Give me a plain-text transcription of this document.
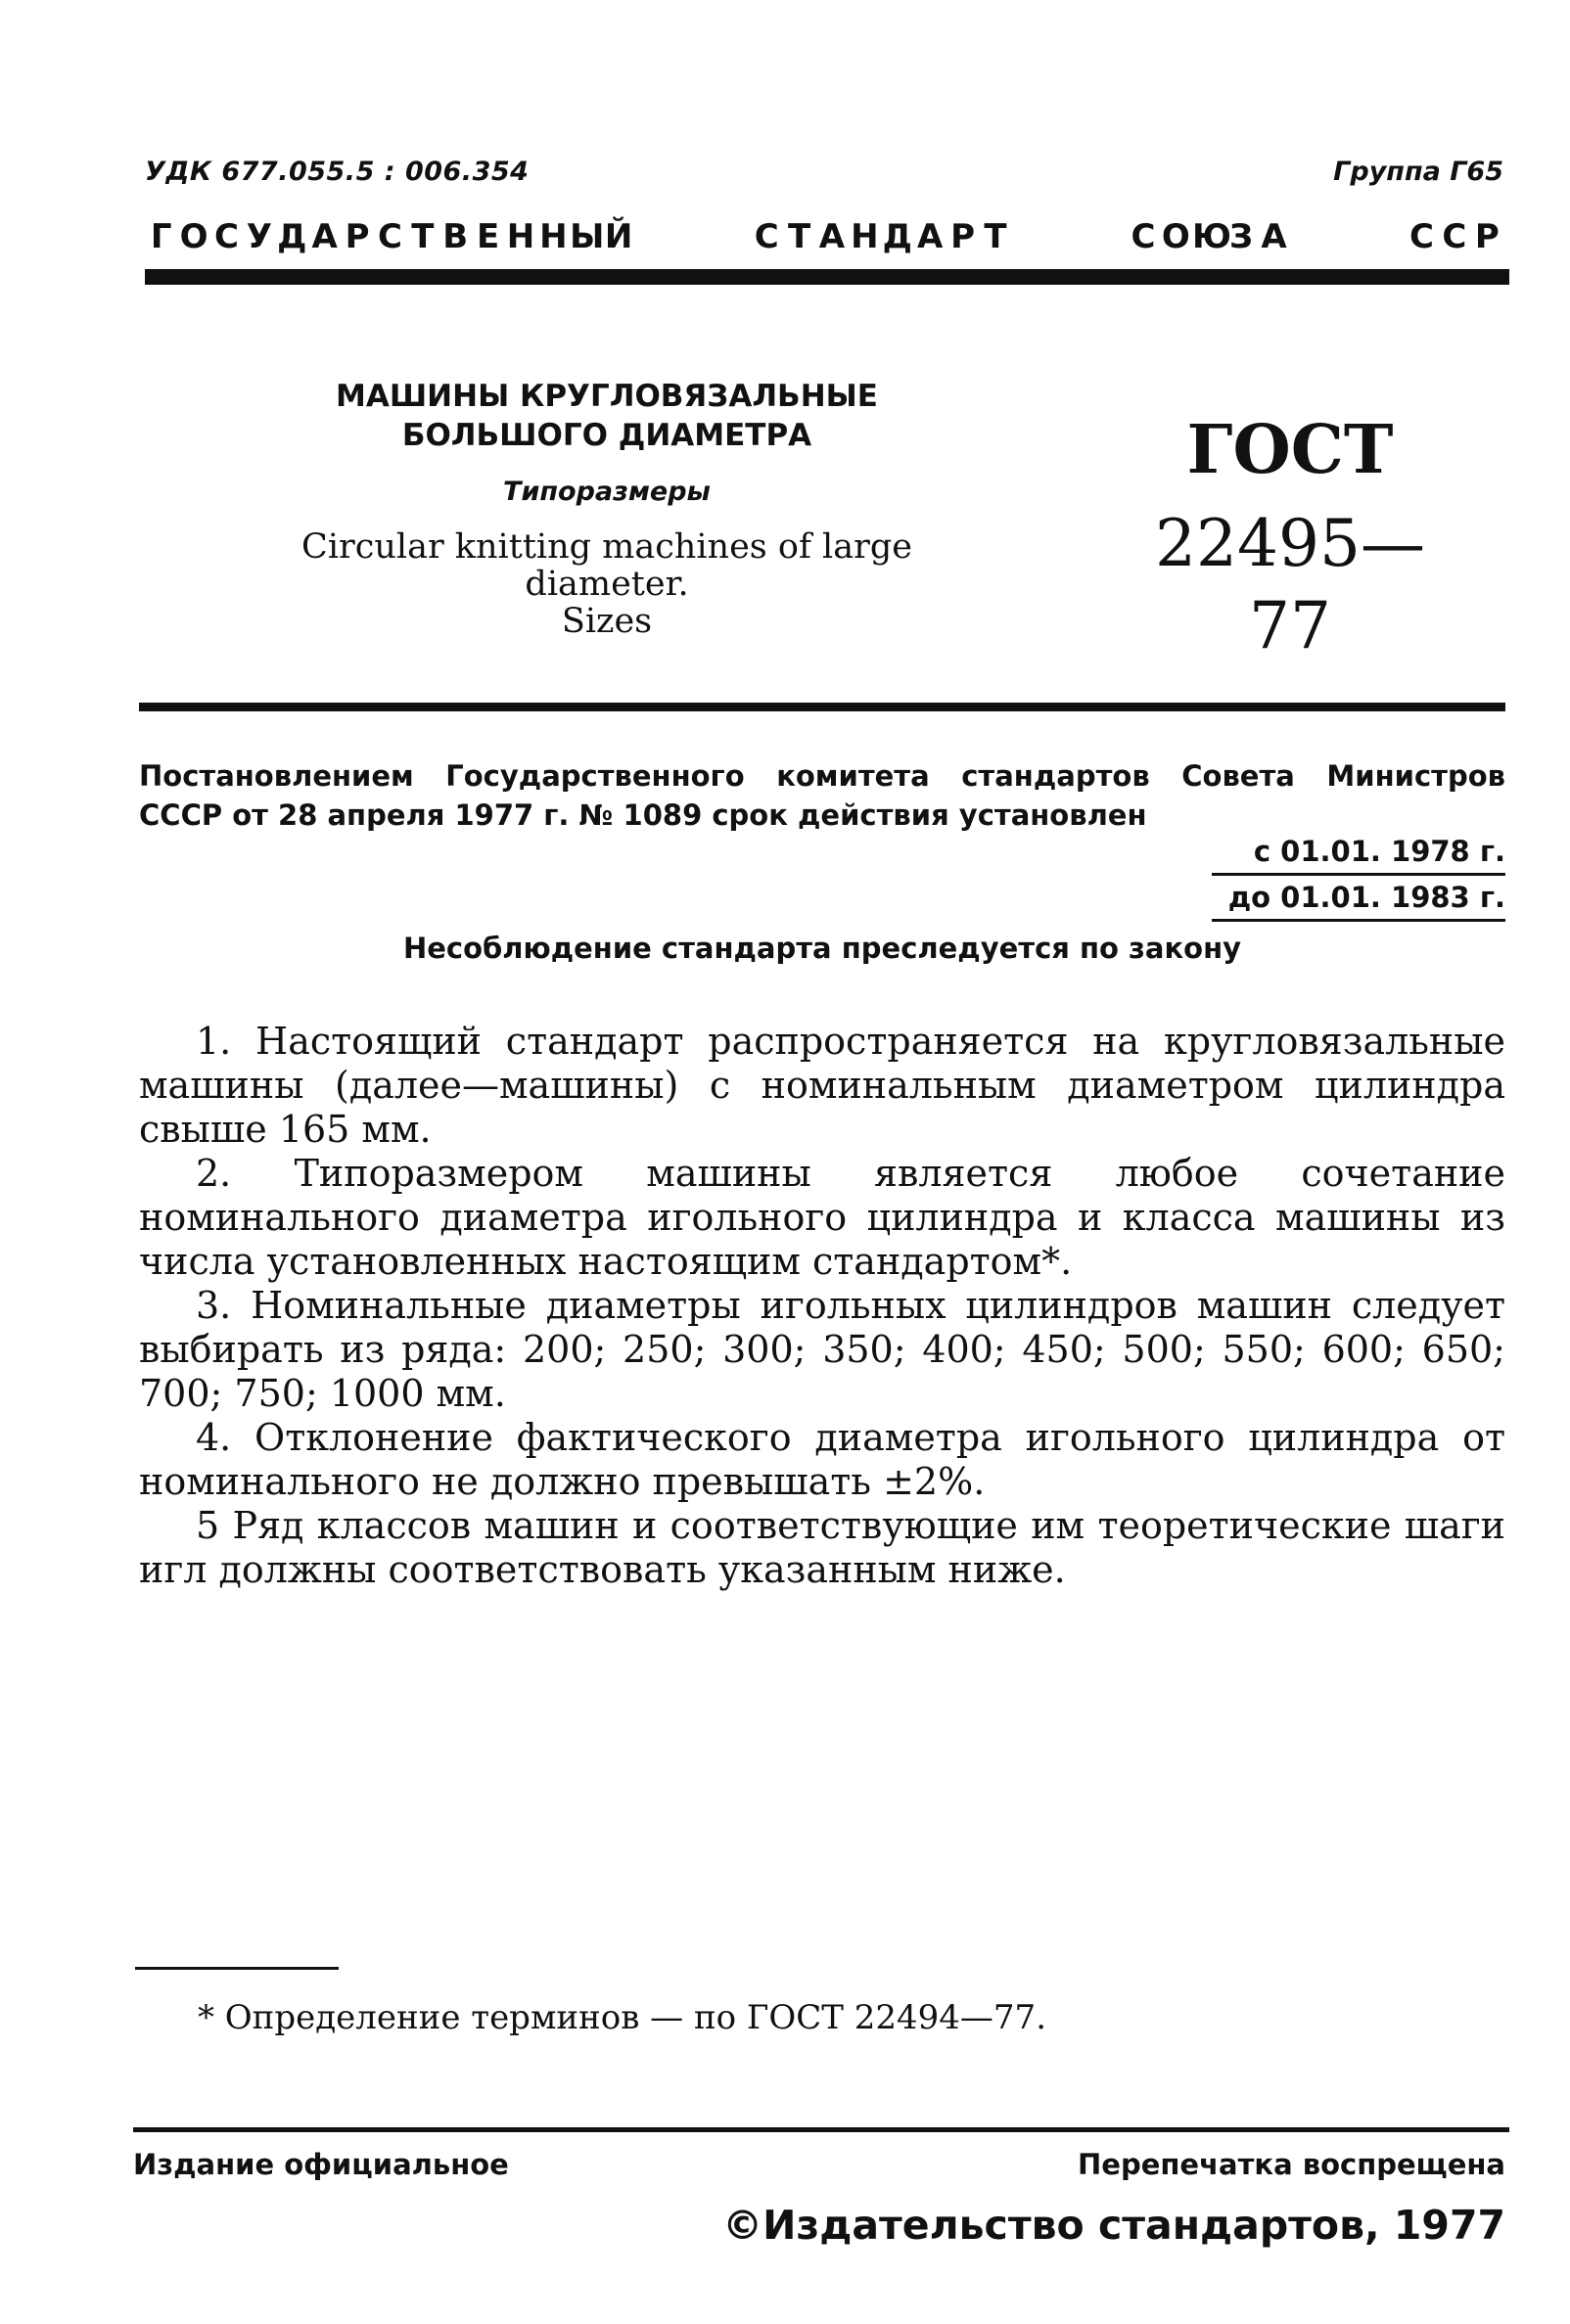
УДК 677.055.5 : 006.354	Группа Г65
Г О С У Д А Р С Т В Е Н Н Ы Й	С Т А Н Д А Р Т	С О Ю
З А	С С Р
МАШИНЫ КРУГЛОВЯЗАЛЬНЫЕ
БОЛЬШОГО ДИАМЕТРА
Типоразмеры
Circular knitting machines of large diameter.
Sizes
ГОСТ
22495—77
Постановлением Государственного комитета стандартов Совета Министров
СССР от 28 апреля 1977 г. № 1089 срок действия установлен
с 01.01. 1978 г.
до 01.01. 1983 г.
Несоблюдение стандарта преследуется по закону

1. Настоящий стандарт распространяется на кругловязальные машины (далее—машины) с номинальным диаметром цилиндра свыше 165 мм.

2. Типоразмером машины является любое сочетание номинального диаметра игольного цилиндра и класса машины из числа установленных настоящим стандартом*.

3. Номинальные диаметры игольных цилиндров машин следует выбирать из ряда: 200; 250; 300; 350; 400; 450; 500; 550; 600; 650; 700; 750; 1000 мм.

4. Отклонение фактического диаметра игольного цилиндра от номинального не должно превышать ±2%.

5 Ряд классов машин и соответствующие им теоретические шаги игл должны соответствовать указанным ниже.

* Определение терминов — по ГОСТ 22494—77.
Издание официальное	Перепечатка воспрещена
©Издательство стандартов, 1977
